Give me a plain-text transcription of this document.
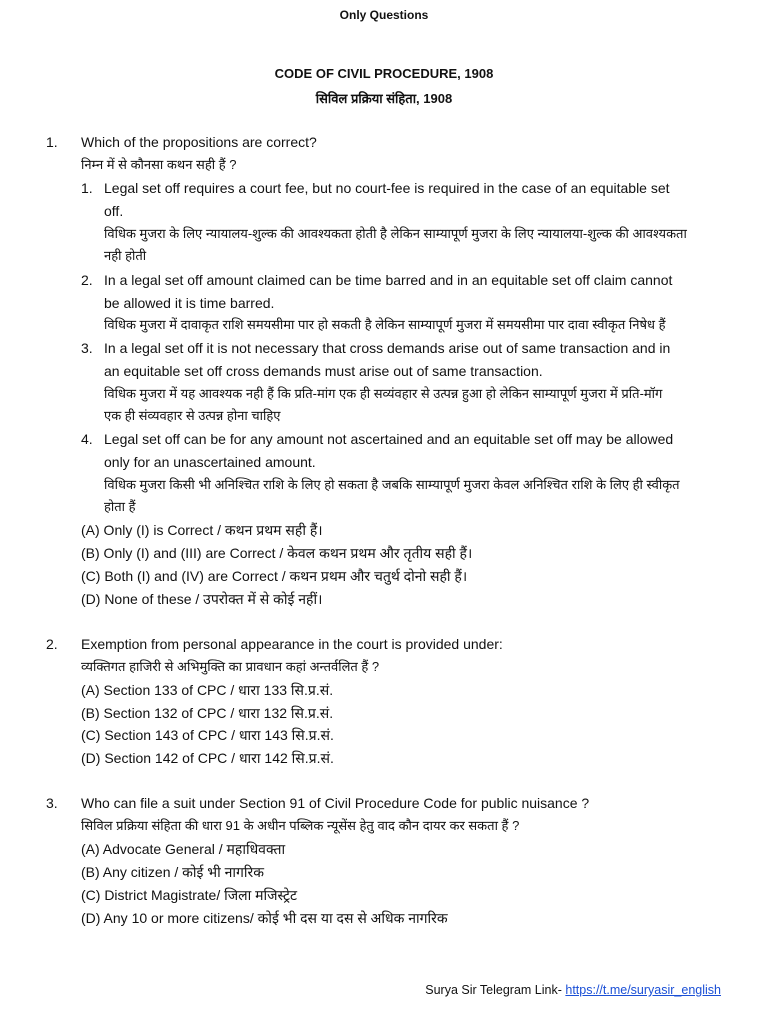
Only Questions
CODE OF CIVIL PROCEDURE, 1908
सिविल प्रक्रिया संहिता, 1908
1. Which of the propositions are correct?
निम्न में से कौनसा कथन सही हैं ?
1. Legal set off requires a court fee, but no court-fee is required in the case of an equitable set
off.
विधिक मुजरा के लिए न्यायालय-शुल्क की आवश्यकता होती है लेकिन साम्यापूर्ण मुजरा के लिए न्यायालया-शुल्क की आवश्यकता
नही होती
2. In a legal set off amount claimed can be time barred and in an equitable set off claim cannot
be allowed it is time barred.
विधिक मुजरा में दावाकृत राशि समयसीमा पार हो सकती है लेकिन साम्यापूर्ण मुजरा में समयसीमा पार दावा स्वीकृत निषेध हैं
3. In a legal set off it is not necessary that cross demands arise out of same transaction and in
an equitable set off cross demands must arise out of same transaction.
विधिक मुजरा में यह आवश्यक नही हैं कि प्रति-मांग एक ही सव्यंवहार से उत्पन्न हुआ हो लेकिन साम्यापूर्ण मुजरा में प्रति-मॉग
एक ही संव्यवहार से उत्पन्न होना चाहिए
4. Legal set off can be for any amount not ascertained and an equitable set off may be allowed
only for an unascertained amount.
विधिक मुजरा किसी भी अनिश्चित राशि के लिए हो सकता है जबकि साम्यापूर्ण मुजरा केवल अनिश्चित राशि के लिए ही स्वीकृत
होता हैं
(A) Only (I) is Correct / कथन प्रथम सही हैं।
(B) Only (I) and (III) are Correct / केवल कथन प्रथम और तृतीय सही हैं।
(C) Both (I) and (IV) are Correct / कथन प्रथम और चतुर्थ दोनो सही हैं।
(D) None of these / उपरोक्त में से कोई नहीं।
2. Exemption from personal appearance in the court is provided under:
व्यक्तिगत हाजिरी से अभिमुक्ति का प्रावधान कहां अन्तर्वलित हैं ?
(A) Section 133 of CPC / धारा 133 सि.प्र.सं.
(B) Section 132 of CPC / धारा 132 सि.प्र.सं.
(C) Section 143 of CPC / धारा 143 सि.प्र.सं.
(D) Section 142 of CPC / धारा 142 सि.प्र.सं.
3. Who can file a suit under Section 91 of Civil Procedure Code for public nuisance ?
सिविल प्रक्रिया संहिता की धारा 91 के अधीन पब्लिक न्यूसेंस हेतु वाद कौन दायर कर सकता हैं ?
(A) Advocate General / महाधिवक्ता
(B) Any citizen / कोई भी नागरिक
(C) District Magistrate/ जिला मजिस्ट्रेट
(D) Any 10 or more citizens/ कोई भी दस या दस से अधिक नागरिक
Surya Sir Telegram Link- https://t.me/suryasir_english
